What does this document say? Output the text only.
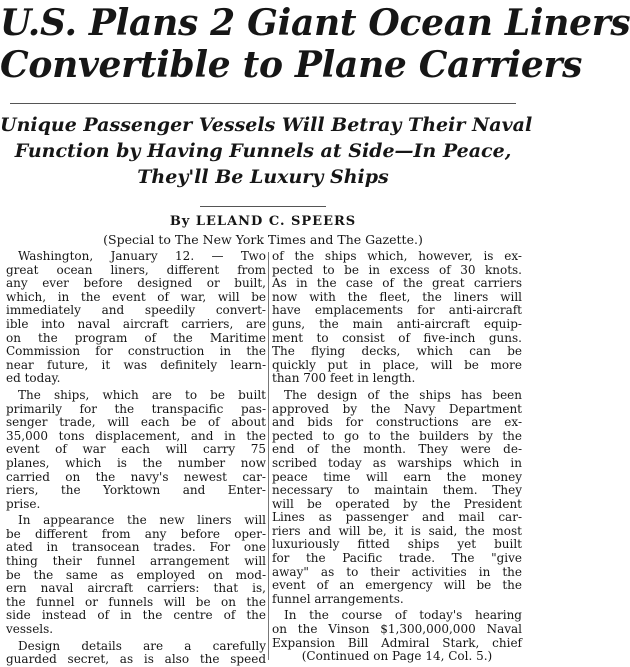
U.S. Plans 2 Giant Ocean Liners
Convertible to Plane Carriers
Unique Passenger Vessels Will Betray Their Naval
Function by Having Funnels at Side—In Peace,
They'll Be Luxury Ships
By LELAND C. SPEERS
(Special to The New York Times and The Gazette.)
Washington, January 12. — Two
great ocean liners, different from
any ever before designed or built,
which, in the event of war, will be
immediately and speedily convert-
ible into naval aircraft carriers, are
on the program of the Maritime
Commission for construction in the
near future, it was definitely learn-
ed today.
The ships, which are to be built
primarily for the transpacific pas-
senger trade, will each be of about
35,000 tons displacement, and in the
event of war each will carry 75
planes, which is the number now
carried on the navy's newest car-
riers, the Yorktown and Enter-
prise.
In appearance the new liners will
be different from any before oper-
ated in transocean trades. For one
thing their funnel arrangement will
be the same as employed on mod-
ern naval aircraft carriers: that is,
the funnel or funnels will be on the
side instead of in the centre of the
vessels.
Design details are a carefully
guarded secret, as is also the speed
of the ships which, however, is ex-
pected to be in excess of 30 knots.
As in the case of the great carriers
now with the fleet, the liners will
have emplacements for anti-aircraft
guns, the main anti-aircraft equip-
ment to consist of five-inch guns.
The flying decks, which can be
quickly put in place, will be more
than 700 feet in length.
The design of the ships has been
approved by the Navy Department
and bids for constructions are ex-
pected to go to the builders by the
end of the month. They were de-
scribed today as warships which in
peace time will earn the money
necessary to maintain them. They
will be operated by the President
Lines as passenger and mail car-
riers and will be, it is said, the most
luxuriously fitted ships yet built
for the Pacific trade. The "give
away" as to their activities in the
event of an emergency will be the
funnel arrangements.
In the course of today's hearing
on the Vinson $1,300,000,000 Naval
Expansion Bill Admiral Stark, chief
(Continued on Page 14, Col. 5.)
